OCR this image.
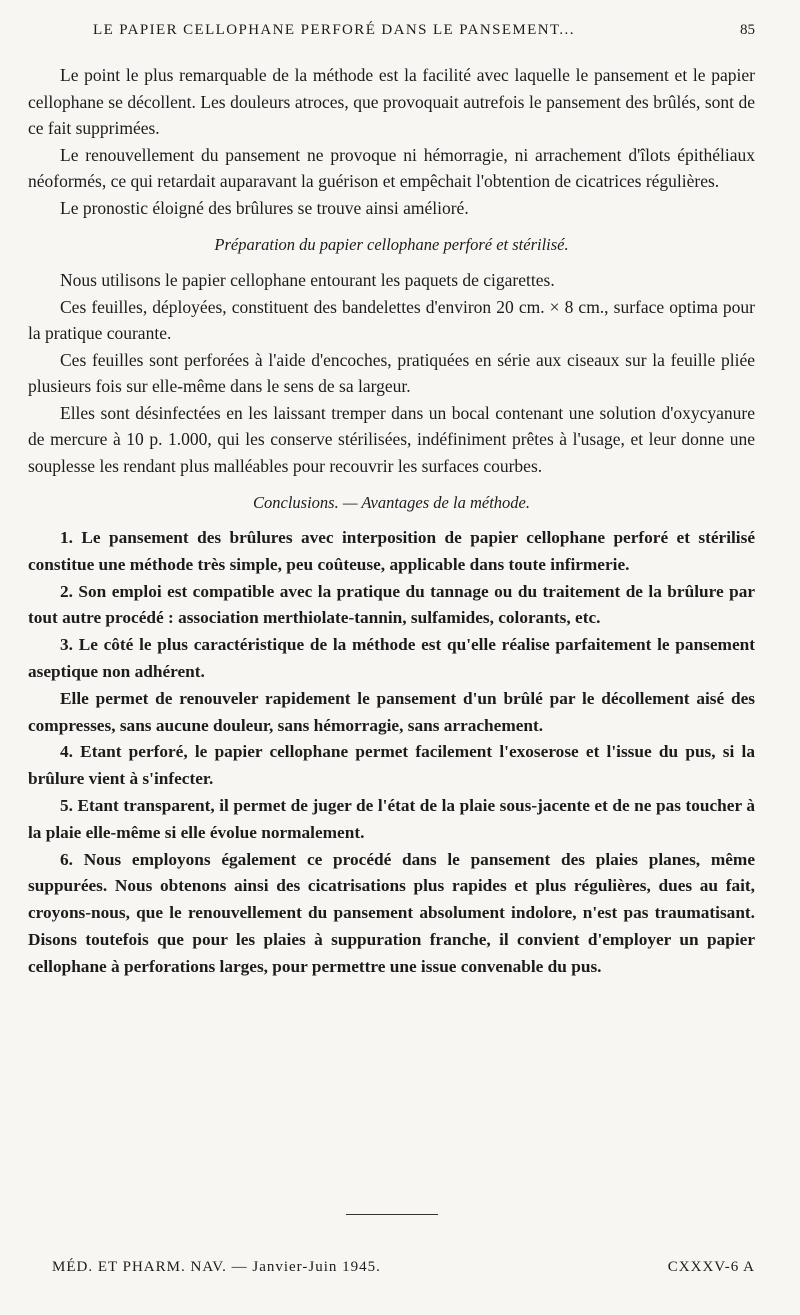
LE PAPIER CELLOPHANE PERFORÉ DANS LE PANSEMENT...	85

Le point le plus remarquable de la méthode est la facilité avec laquelle le pansement et le papier cellophane se décollent. Les douleurs atroces, que provoquait autrefois le pansement des brûlés, sont de ce fait supprimées.

Le renouvellement du pansement ne provoque ni hémorragie, ni arrachement d'îlots épithéliaux néoformés, ce qui retardait auparavant la guérison et empêchait l'obtention de cicatrices régulières.

Le pronostic éloigné des brûlures se trouve ainsi amélioré.

Préparation du papier cellophane perforé et stérilisé.

Nous utilisons le papier cellophane entourant les paquets de cigarettes.

Ces feuilles, déployées, constituent des bandelettes d'environ 20 cm. × 8 cm., surface optima pour la pratique courante.

Ces feuilles sont perforées à l'aide d'encoches, pratiquées en série aux ciseaux sur la feuille pliée plusieurs fois sur elle-même dans le sens de sa largeur.

Elles sont désinfectées en les laissant tremper dans un bocal contenant une solution d'oxycyanure de mercure à 10 p. 1.000, qui les conserve stérilisées, indéfiniment prêtes à l'usage, et leur donne une souplesse les rendant plus malléables pour recouvrir les surfaces courbes.

Conclusions. — Avantages de la méthode.

1. Le pansement des brûlures avec interposition de papier cellophane perforé et stérilisé constitue une méthode très simple, peu coûteuse, applicable dans toute infirmerie.

2. Son emploi est compatible avec la pratique du tannage ou du traitement de la brûlure par tout autre procédé : association merthiolate-tannin, sulfamides, colorants, etc.

3. Le côté le plus caractéristique de la méthode est qu'elle réalise parfaitement le pansement aseptique non adhérent.

Elle permet de renouveler rapidement le pansement d'un brûlé par le décollement aisé des compresses, sans aucune douleur, sans hémorragie, sans arrachement.

4. Etant perforé, le papier cellophane permet facilement l'exoserose et l'issue du pus, si la brûlure vient à s'infecter.

5. Etant transparent, il permet de juger de l'état de la plaie sous-jacente et de ne pas toucher à la plaie elle-même si elle évolue normalement.

6. Nous employons également ce procédé dans le pansement des plaies planes, même suppurées. Nous obtenons ainsi des cicatrisations plus rapides et plus régulières, dues au fait, croyons-nous, que le renouvellement du pansement absolument indolore, n'est pas traumatisant. Disons toutefois que pour les plaies à suppuration franche, il convient d'employer un papier cellophane à perforations larges, pour permettre une issue convenable du pus.

MÉD. ET PHARM. NAV. — Janvier-Juin 1945.	CXXXV-6 A
